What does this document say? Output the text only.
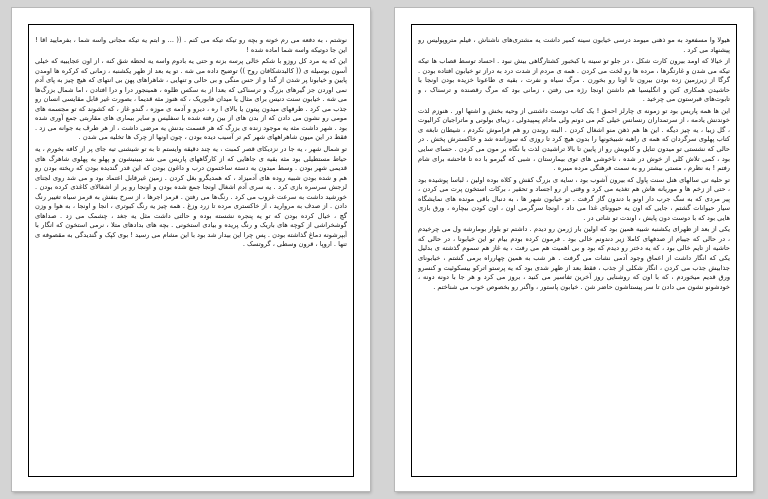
نوشتم ، به دفعه می رم خونه و بچه رو تیکه تیکه می کنم . (( ... و ابتم یه تیکه مجانی واسه شما ، بفرمایید اقا ! این جا دوتیکه واسه شما اماده شده !

این که یه مرد کل روزو با شکم خالی پرسه بزنه و حتی یه بادوم واسه یه لحظه شق کنه ، از اون عجایبیه که خیلی آسون بوسیله ی (( کالبدشکافان روح )) توضیح داده می شه . تو یه بعد از ظهر یکشنبه ، زمانی که کرکره ها اومدن پایین و خیابونا پر شدن از گدا و از حس منگی و بی حالی و تنهایی ، شاهراهای پهن بی انتهای که هیچ چیز به پای آدم نمی اوردن جز گیرهای بزرگ و ترسناکی که بعدا از به سکس ظلوه ، همینجور درا و درا افتادن ، اما شمال بزرگ‌ها می شه . خیابون سنت دنیس برای مثال یا میدان فابوریک ، که هنوز مثه قدیما ، بصورت غیر قابل مقایسی انسان رو جذب می کرد . ظرفهای میدون پیتون یا بالای ا ره ، دیرو و آدمه ی موزه ، گندو غاز ، که کشوند که تو مجسمه های مومی رو نشون می دادن که از بدن های از بین رفته شده با سفلیس و سایر بیماری های مقاربتی جمع آوری شده بود . شهر داشت مثه یه موجود زنده ی بزرگ که هر قسمت بدنش یه مرضی داشت ، از هر طرف به جوانه می زد . فقط در این میون شاهراههای شهر کم تر آسیب دیده بودن ، چون اونها از چرک ها تخلیه می شدن .

تو شمال شهر ، یه جا در نزدیکای قصر کمبت ، یه چند دقیقه وایستم تا به تو شیشنی تیه جای پر از کافه بخورم ، یه حیاط مستطیلی بود مثه بقیه ی جاهایی که از کارگاههای پاریس می شد ببینیشون و پهلو به پهلوی شاهرگ های قدیمی شهر بودن . وسط میدون یه دسته ساختمون درب و داغون بودن که این قدر گندیده بودن که ریخته بودن رو هم و شده بودن شبیه روده های آدمیزاد ، که همدیگرو بغل کردن . زمین غیرقابل اعتماد بود و می شد روی لجنای لزجش سرسره بازی کرد . یه سری آدم اشغال اونجا جمع شده بودن و اونجا رو پر از اشغالای کاغذی کرده بودن . خورشید داشت به سرعت غروب می کرد . رنگ‌ها می رفتن . قرمز اجرها ، از سرخ بنفش به قرمز سیاه تغییر رنگ دادن . از صدف به مروارید ، از خاکستری مرده تا زرد وزغ . همه چیز یه رنگ کبوتری ، انجا و اونجا ، به هوا و وزن گچ ، خیال کرده بودن که تو یه پنجره نشسته بوده و حالتی داشت مثل یه جغد ، چشمک می زد . صداهای گوشخراشی از کوچه های باریک و رنگ پریده و بیادی استخونی . بچه های بدادهای متلا ، نرمی استخون که انگار با آبپرشونه دماغ گذاشته بودن . پس چرا این بیدار شد بود با این مشام می رسید ! بوی کپک و گندیدگی به مقصوفه ی تنها . اروپا ، قرون وسطی ، گروتسک .

هیولا وا مسفعود به مو ذهنی میومد درسی خیابون سینه کمیر داشت یه مشتری‌های ناشناش ، فیلم متروپولیس رو پیشنهاد می کرد .

از خیالا که اومد بیرون کارت شکل ، در جلو تو سینه با کبخبور کشتارگاهی بیش نبود . احساد توسط قصاب ها تیکه تیکه می شدن و غارتگرها ، مرده ها رو لخت می کردن . همه ی مردم از شدت درد به دراز تو خیابون افتاده بودن . گرگا از زیرزمین زده بودن بیرون تا اونا رو بخورن . مرگ سیاه و نفرت ، بقیه ی طاعونا خزیده بودن اونجا با حاشیدن همکاری کنن و انگلیسیا هم داشتن اونجا رژه می رفتن ، زمانی بود که مرگ رقصنده و ترسناک ، و تابوت‌های قبرستون می چرخید .

این ها همه پاریس بود تو زمونه ی چارلز احمق ! یک کتاب دوست داشتنی از وحیه بخش و اشتها اور . هنوزم لذت خوندنش یادمه ، از سرتمداران رنسانس خیلی کم می دونم ولی مادام پمپیدولی ، زیبای بولونی و ماتراجیان کرالیوت ، گل زیبا ، یه چیز دیگه . این ها هم ذهن منو اشغال کردن . البته روندن رو هم فراموش نکردم ، شیطان نابغه ی کتاب پهلوی سرگردان که همه ی راهبه شبیخونها را بدون هیچ کرد تا روزی که سوزانده شد و خاکسترش پخش . در حالی که نشستی تو میدون تنایل و کابویش رو از پایین تا بالا تراشیدن لذت با نگاه بر مون می کردن . حسای سایی بود ، کمی تلاش کلی از خوش در شده ، ناخوشی های توی بیمارستان ، شبی که گیرمو با ده تا فاحشه برای شام رفتم ! به نظرم ، مستی بیشتر رو به سمت فرهنگی مرده میبره .

تو حلیه تی سالهای هنل سنت پاول که بیرون آشوب بود ، سایه ی بزرگ کفش و کلاه بوده اولین ، لباسا پوشیده بود ، حتی از زخم ها و موریانه هاش هم تغذیه می کرد و وقتی از رو اجساد و تحقیر ، برکات استخون پرت می کردن ، پیر مردی که به سگ جرب دار اونو با دندون گاز گرفت . تو خیابون شهر ها ، به دنبال باقی مونده های نمایشگاه سیار حیوانات گشتم ، جایی که اون یه حیوونای غذا می داد ، اونجا سرگرمی اون ، اون کودن بیچاره ، ورق بازی هایی بود که با دوست دون پایش ، اوندت تو شاتی در .

یکی از بعد از ظهرای یکشنبه شبیه همین بود که اولین بار ژرمن رو دیدم . داشتم تو بلوار بومارشه ول می چرخیدم ، در حالی که جیبام از صدفهای کاملا زیر دندونم خالی بود . فرمون کرده بودم بیام تو این خیابونا ، در حالی که حاشیه از تایم خالی بود ، که یه دختر رو دیدم که بود و بی اهمیت هم می رفت ، یه غاز هم سموم گذشته ی بدلیل یکی که انگار داشت از اعماق وجود آدمی نشات می گرفت . هر شب به همین چهارراه برمی گشتم ، خیابونای جذابیش جذب می کردن ، انگار شکلی از جذب ، فقط بعد از ظهر شدی بود که یه پرستو اترکو بیسکوئیت و کنسرو ورق قدیم میخوردم ، که با اون که روشنایی روز آخرین تفاسیر می کنید ، بروز می کرد و هر جا با دونه دونه ، خودشونو نشون می دادن تا سر پیستاشون حاضر شن . خیابون پاستور ، واگنر رو بخصوص خوب می شناختم .
